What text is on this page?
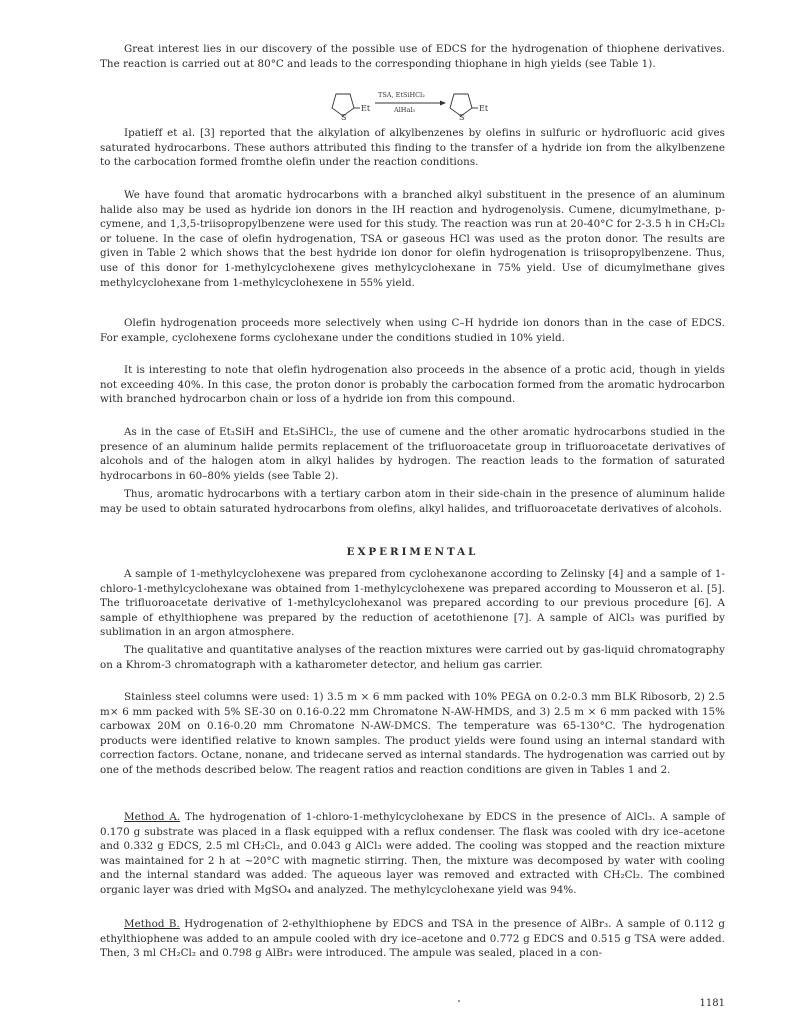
Great interest lies in our discovery of the possible use of EDCS for the hydrogenation of thiophene derivatives. The reaction is carried out at 80°C and leads to the corresponding thiophane in high yields (see Table 1).

S
Et
TSA, EtSiHCl₂
AlHal₃
S
Et

Ipatieff et al. [3] reported that the alkylation of alkylbenzenes by olefins in sulfuric or hydrofluoric acid gives saturated hydrocarbons. These authors attributed this finding to the transfer of a hydride ion from the alkylbenzene to the carbocation formed fromthe olefin under the reaction conditions.

We have found that aromatic hydrocarbons with a branched alkyl substituent in the presence of an aluminum halide also may be used as hydride ion donors in the IH reaction and hydrogenolysis. Cumene, dicumylmethane, p-cymene, and 1,3,5-triisopropylbenzene were used for this study. The reaction was run at 20-40°C for 2-3.5 h in CH₂Cl₂ or toluene. In the case of olefin hydrogenation, TSA or gaseous HCl was used as the proton donor. The results are given in Table 2 which shows that the best hydride ion donor for olefin hydrogenation is triisopropylbenzene. Thus, use of this donor for 1-methylcyclohexene gives methylcyclohexane in 75% yield. Use of dicumylmethane gives methylcyclohexane from 1-methylcyclohexene in 55% yield.

Olefin hydrogenation proceeds more selectively when using C–H hydride ion donors than in the case of EDCS. For example, cyclohexene forms cyclohexane under the conditions studied in 10% yield.

It is interesting to note that olefin hydrogenation also proceeds in the absence of a protic acid, though in yields not exceeding 40%. In this case, the proton donor is probably the carbocation formed from the aromatic hydrocarbon with branched hydrocarbon chain or loss of a hydride ion from this compound.

As in the case of Et₃SiH and Et₃SiHCl₂, the use of cumene and the other aromatic hydrocarbons studied in the presence of an aluminum halide permits replacement of the trifluoroacetate group in trifluoroacetate derivatives of alcohols and of the halogen atom in alkyl halides by hydrogen. The reaction leads to the formation of saturated hydrocarbons in 60–80% yields (see Table 2).

Thus, aromatic hydrocarbons with a tertiary carbon atom in their side-chain in the presence of aluminum halide may be used to obtain saturated hydrocarbons from olefins, alkyl halides, and trifluoroacetate derivatives of alcohols.

EXPERIMENTAL

A sample of 1-methylcyclohexene was prepared from cyclohexanone according to Zelinsky [4] and a sample of 1-chloro-1-methylcyclohexane was obtained from 1-methylcyclohexene was prepared according to Mousseron et al. [5]. The trifluoroacetate derivative of 1-methylcyclohexanol was prepared according to our previous procedure [6]. A sample of ethylthiophene was prepared by the reduction of acetothienone [7]. A sample of AlCl₃ was purified by sublimation in an argon atmosphere.

The qualitative and quantitative analyses of the reaction mixtures were carried out by gas-liquid chromatography on a Khrom-3 chromatograph with a katharometer detector, and helium gas carrier.

Stainless steel columns were used: 1) 3.5 m × 6 mm packed with 10% PEGA on 0.2-0.3 mm BLK Ribosorb, 2) 2.5 m× 6 mm packed with 5% SE-30 on 0.16-0.22 mm Chromatone N-AW-HMDS, and 3) 2.5 m × 6 mm packed with 15% carbowax 20M on 0.16-0.20 mm Chromatone N-AW-DMCS. The temperature was 65-130°C. The hydrogenation products were identified relative to known samples. The product yields were found using an internal standard with correction factors. Octane, nonane, and tridecane served as internal standards. The hydrogenation was carried out by one of the methods described below. The reagent ratios and reaction conditions are given in Tables 1 and 2.

Method A. The hydrogenation of 1-chloro-1-methylcyclohexane by EDCS in the presence of AlCl₃. A sample of 0.170 g substrate was placed in a flask equipped with a reflux condenser. The flask was cooled with dry ice–acetone and 0.332 g EDCS, 2.5 ml CH₂Cl₂, and 0.043 g AlCl₃ were added. The cooling was stopped and the reaction mixture was maintained for 2 h at ∼20°C with magnetic stirring. Then, the mixture was decomposed by water with cooling and the internal standard was added. The aqueous layer was removed and extracted with CH₂Cl₂. The combined organic layer was dried with MgSO₄ and analyzed. The methylcyclohexane yield was 94%.

Method B. Hydrogenation of 2-ethylthiophene by EDCS and TSA in the presence of AlBr₃. A sample of 0.112 g ethylthiophene was added to an ampule cooled with dry ice–acetone and 0.772 g EDCS and 0.515 g TSA were added. Then, 3 ml CH₂Cl₂ and 0.798 g AlBr₃ were introduced. The ampule was sealed, placed in a con-

1181
